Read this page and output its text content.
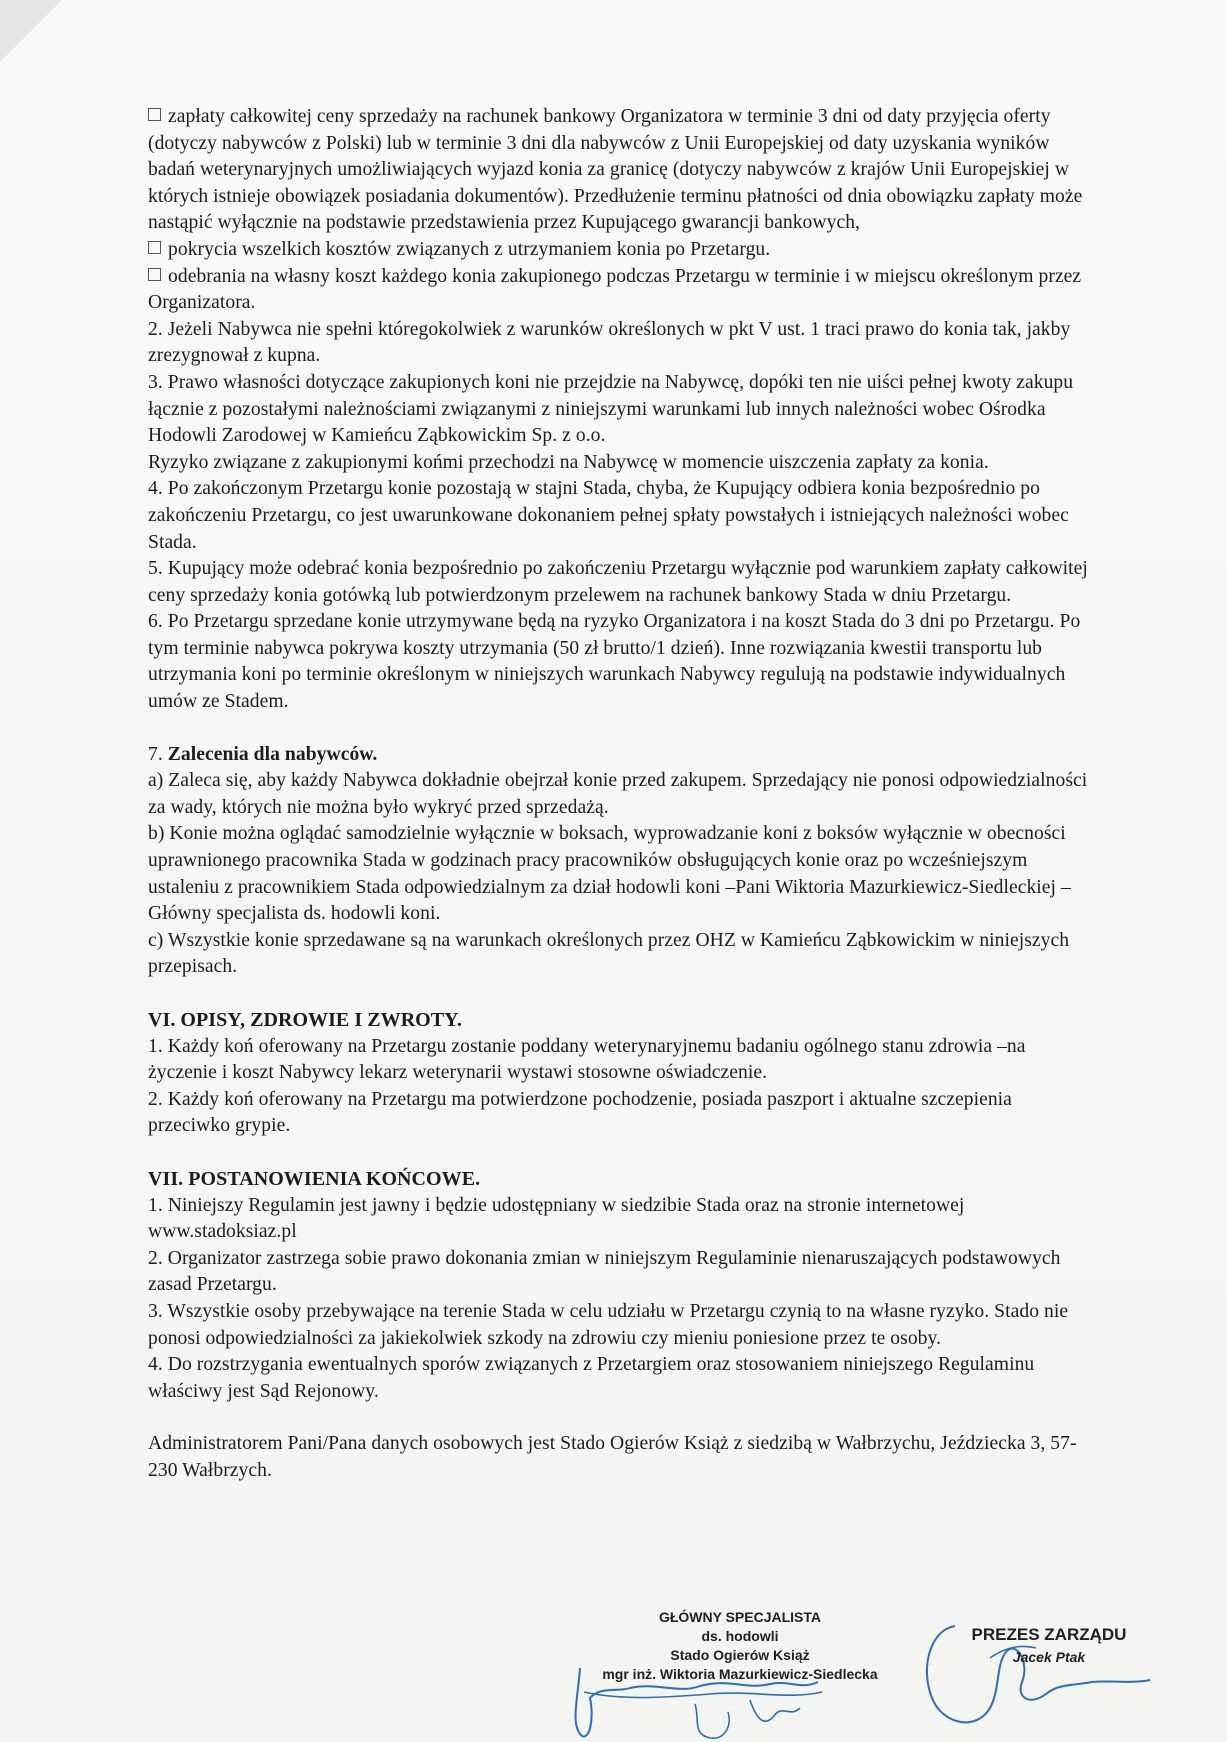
zapłaty całkowitej ceny sprzedaży na rachunek bankowy Organizatora w terminie 3 dni od daty przyjęcia oferty (dotyczy nabywców z Polski) lub w terminie 3 dni dla nabywców z Unii Europejskiej od daty uzyskania wyników badań weterynaryjnych umożliwiających wyjazd konia za granicę (dotyczy nabywców z krajów Unii Europejskiej w których istnieje obowiązek posiadania dokumentów). Przedłużenie terminu płatności od dnia obowiązku zapłaty może nastąpić wyłącznie na podstawie przedstawienia przez Kupującego gwarancji bankowych,

pokrycia wszelkich kosztów związanych z utrzymaniem konia po Przetargu.

odebrania na własny koszt każdego konia zakupionego podczas Przetargu w terminie i w miejscu określonym przez Organizatora.

2. Jeżeli Nabywca nie spełni któregokolwiek z warunków określonych w pkt V ust. 1 traci prawo do konia tak, jakby zrezygnował z kupna.

3. Prawo własności dotyczące zakupionych koni nie przejdzie na Nabywcę, dopóki ten nie uiści pełnej kwoty zakupu łącznie z pozostałymi należnościami związanymi z niniejszymi warunkami lub innych należności wobec Ośrodka Hodowli Zarodowej w Kamieńcu Ząbkowickim Sp. z o.o.

Ryzyko związane z zakupionymi końmi przechodzi na Nabywcę w momencie uiszczenia zapłaty za konia.

4. Po zakończonym Przetargu konie pozostają w stajni Stada, chyba, że Kupujący odbiera konia bezpośrednio po zakończeniu Przetargu, co jest uwarunkowane dokonaniem pełnej spłaty powstałych i istniejących należności wobec Stada.

5. Kupujący może odebrać konia bezpośrednio po zakończeniu Przetargu wyłącznie pod warunkiem zapłaty całkowitej ceny sprzedaży konia gotówką lub potwierdzonym przelewem na rachunek bankowy Stada w dniu Przetargu.

6. Po Przetargu sprzedane konie utrzymywane będą na ryzyko Organizatora i na koszt Stada do 3 dni po Przetargu. Po tym terminie nabywca pokrywa koszty utrzymania (50 zł brutto/1 dzień). Inne rozwiązania kwestii transportu lub utrzymania koni po terminie określonym w niniejszych warunkach Nabywcy regulują na podstawie indywidualnych umów ze Stadem.

7. Zalecenia dla nabywców.

a) Zaleca się, aby każdy Nabywca dokładnie obejrzał konie przed zakupem. Sprzedający nie ponosi odpowiedzialności za wady, których nie można było wykryć przed sprzedażą.

b) Konie można oglądać samodzielnie wyłącznie w boksach, wyprowadzanie koni z boksów wyłącznie w obecności uprawnionego pracownika Stada w godzinach pracy pracowników obsługujących konie oraz po wcześniejszym ustaleniu z pracownikiem Stada odpowiedzialnym za dział hodowli koni –Pani Wiktoria Mazurkiewicz-Siedleckiej –Główny specjalista ds. hodowli koni.

c) Wszystkie konie sprzedawane są na warunkach określonych przez OHZ w Kamieńcu Ząbkowickim w niniejszych przepisach.

VI. OPISY, ZDROWIE I ZWROTY.

1. Każdy koń oferowany na Przetargu zostanie poddany weterynaryjnemu badaniu ogólnego stanu zdrowia –na życzenie i koszt Nabywcy lekarz weterynarii wystawi stosowne oświadczenie.

2. Każdy koń oferowany na Przetargu ma potwierdzone pochodzenie, posiada paszport i aktualne szczepienia przeciwko grypie.

VII. POSTANOWIENIA KOŃCOWE.

1. Niniejszy Regulamin jest jawny i będzie udostępniany w siedzibie Stada oraz na stronie internetowej www.stadoksiaz.pl

2. Organizator zastrzega sobie prawo dokonania zmian w niniejszym Regulaminie nienaruszających podstawowych zasad Przetargu.

3. Wszystkie osoby przebywające na terenie Stada w celu udziału w Przetargu czynią to na własne ryzyko. Stado nie ponosi odpowiedzialności za jakiekolwiek szkody na zdrowiu czy mieniu poniesione przez te osoby.

4. Do rozstrzygania ewentualnych sporów związanych z Przetargiem oraz stosowaniem niniejszego Regulaminu właściwy jest Sąd Rejonowy.

Administratorem Pani/Pana danych osobowych jest Stado Ogierów Książ z siedzibą w Wałbrzychu, Jeździecka 3, 57-230 Wałbrzych.

GŁÓWNY SPECJALISTA
ds. hodowli
Stado Ogierów Książ
mgr inż. Wiktoria Mazurkiewicz-Siedlecka
PREZES ZARZĄDU
Jacek Ptak
